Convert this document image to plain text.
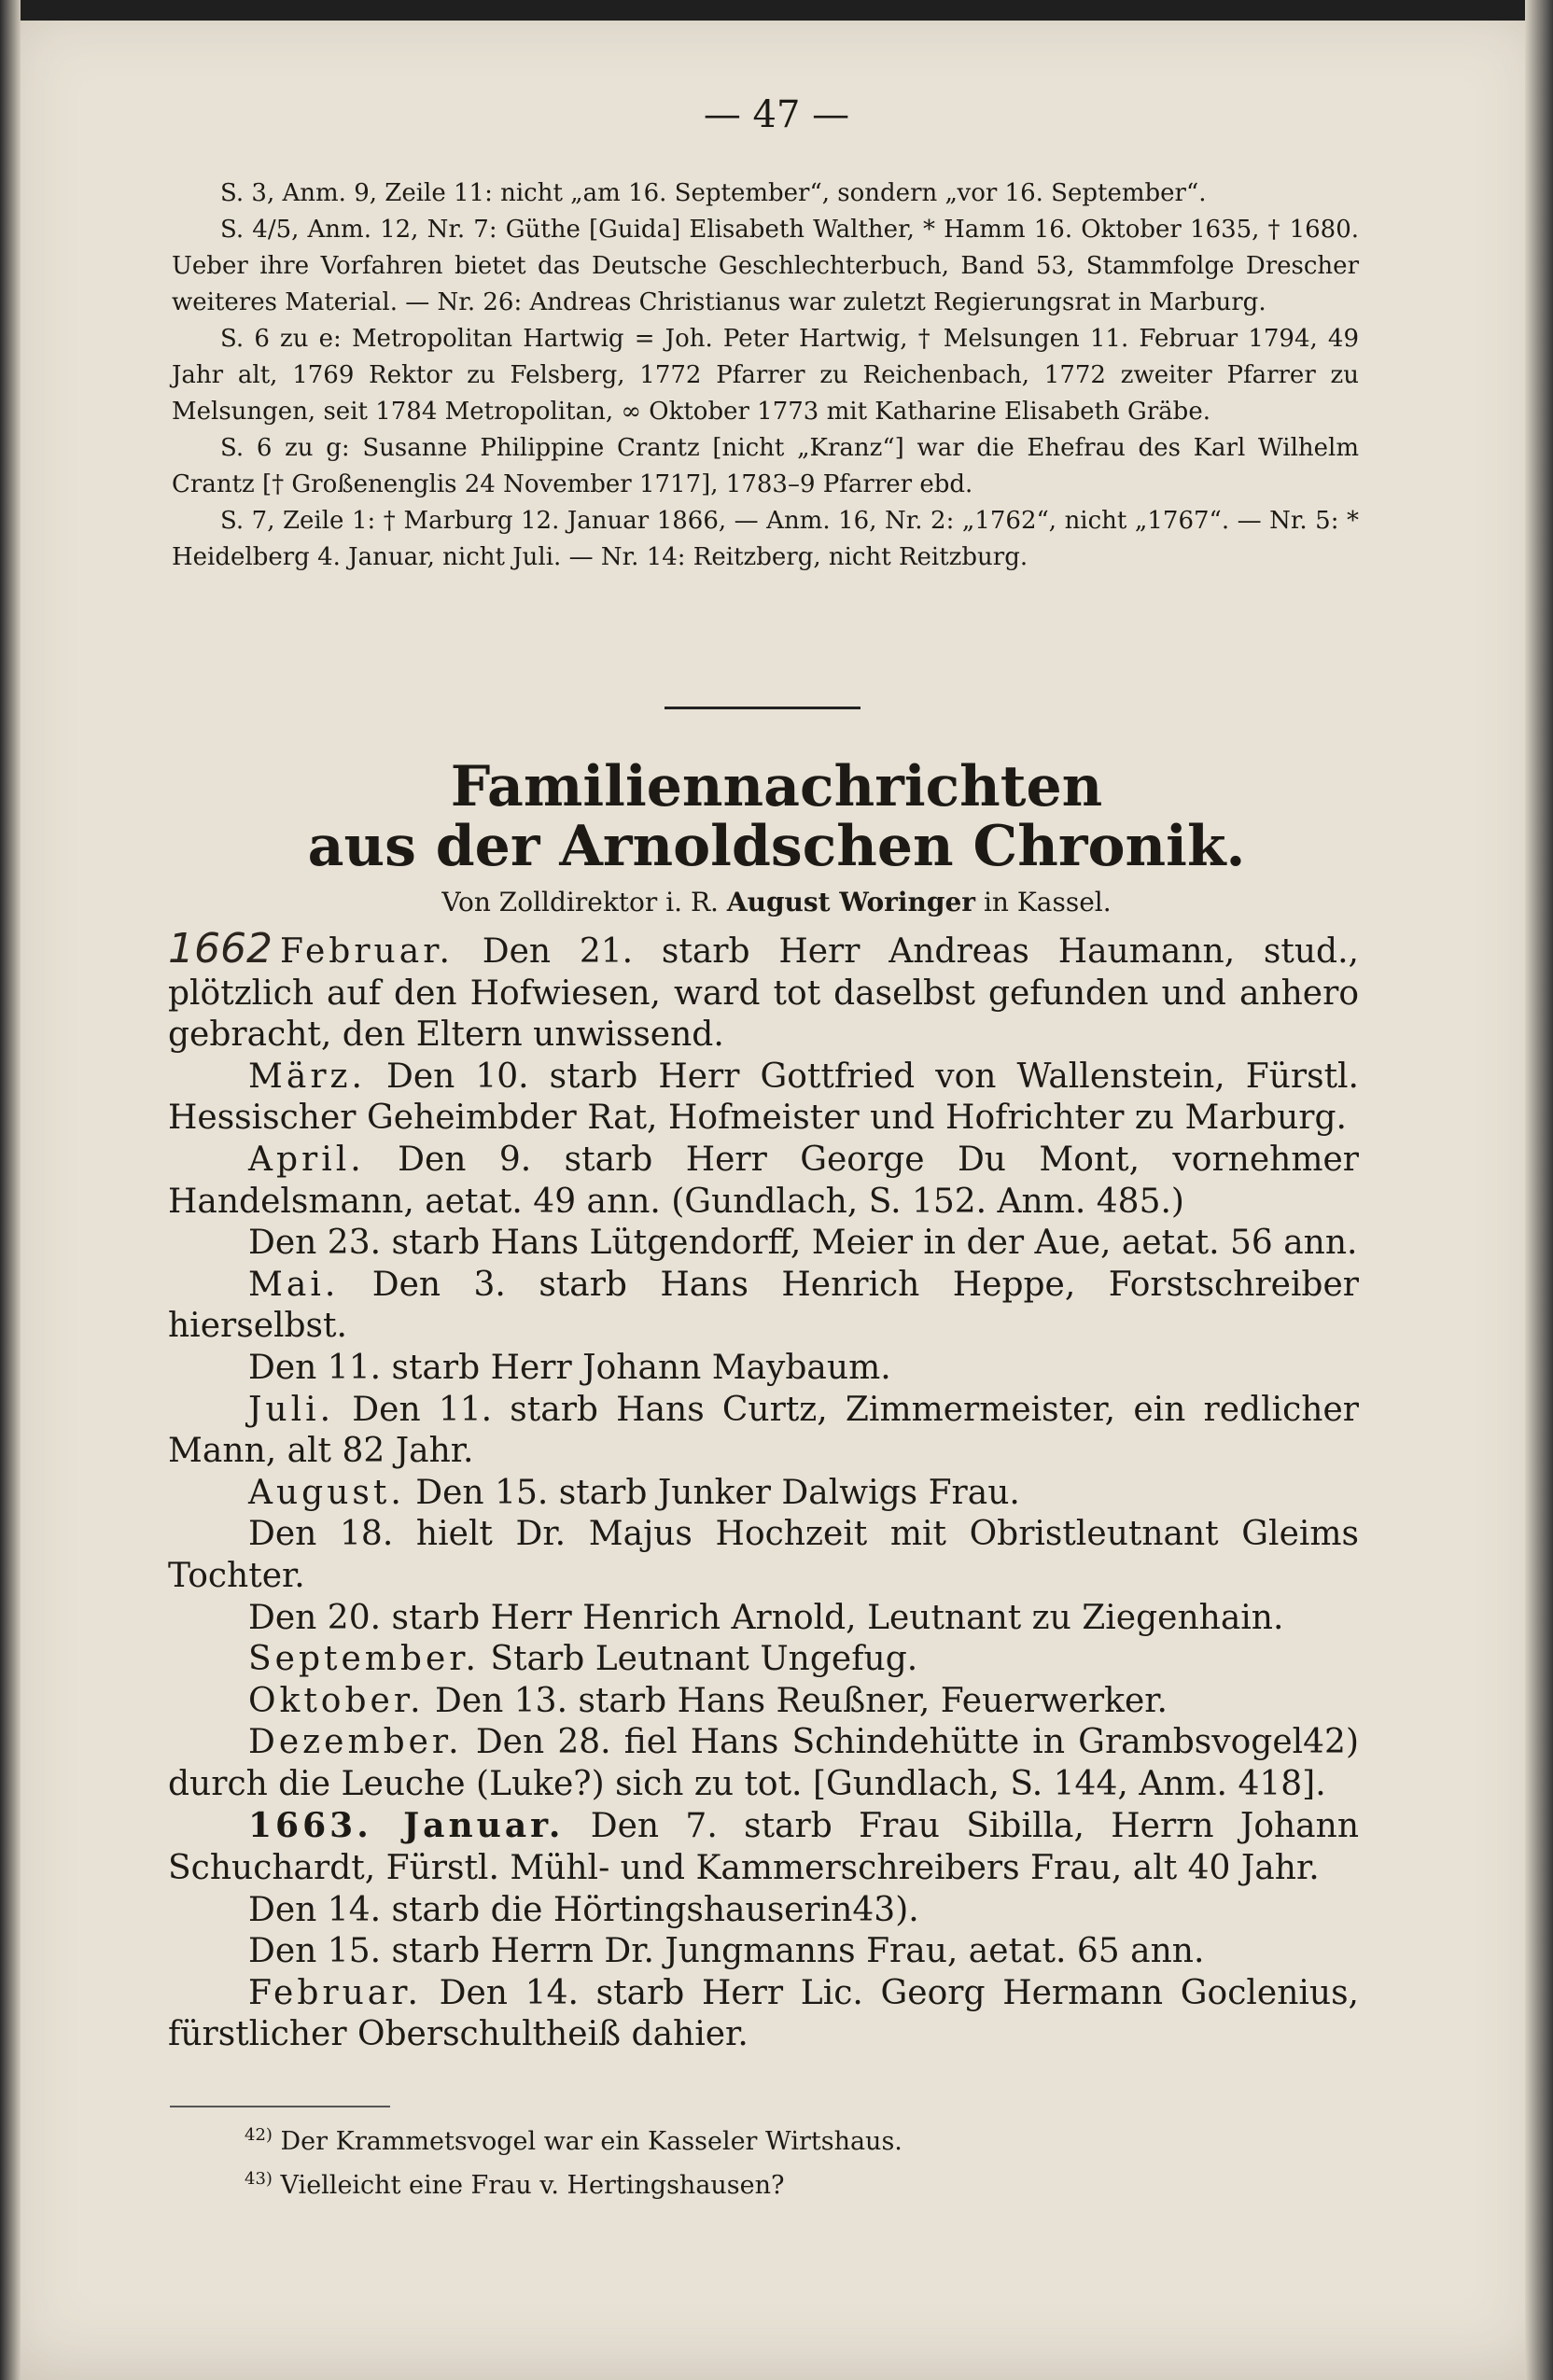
— 47 —

S. 3, Anm. 9, Zeile 11: nicht „am 16. September“, sondern „vor 16. September“.

S. 4/5, Anm. 12, Nr. 7: Güthe [Guida] Elisabeth Walther, * Hamm 16. Oktober 1635, † 1680. Ueber ihre Vorfahren bietet das Deutsche Geschlechterbuch, Band 53, Stammfolge Drescher weiteres Material. — Nr. 26: Andreas Christianus war zuletzt Regierungsrat in Marburg.

S. 6 zu e: Metropolitan Hartwig = Joh. Peter Hartwig, † Melsungen 11. Februar 1794, 49 Jahr alt, 1769 Rektor zu Felsberg, 1772 Pfarrer zu Reichenbach, 1772 zweiter Pfarrer zu Melsungen, seit 1784 Metropolitan, ∞ Oktober 1773 mit Katharine Elisabeth Gräbe.

S. 6 zu g: Susanne Philippine Crantz [nicht „Kranz“] war die Ehefrau des Karl Wilhelm Crantz [† Großenenglis 24 November 1717], 1783–9 Pfarrer ebd.

S. 7, Zeile 1: † Marburg 12. Januar 1866, — Anm. 16, Nr. 2: „1762“, nicht „1767“. — Nr. 5: * Heidelberg 4. Januar, nicht Juli. — Nr. 14: Reitzberg, nicht Reitzburg.

Familiennachrichten
aus der Arnoldschen Chronik.
Von Zolldirektor i. R. August Woringer in Kassel.

1662 Februar. Den 21. starb Herr Andreas Haumann, stud., plötzlich auf den Hofwiesen, ward tot daselbst gefunden und anhero gebracht, den Eltern unwissend.

März. Den 10. starb Herr Gottfried von Wallenstein, Fürstl. Hessischer Geheimbder Rat, Hofmeister und Hofrichter zu Marburg.

April. Den 9. starb Herr George Du Mont, vornehmer Handelsmann, aetat. 49 ann. (Gundlach, S. 152. Anm. 485.)

Den 23. starb Hans Lütgendorff, Meier in der Aue, aetat. 56 ann.

Mai. Den 3. starb Hans Henrich Heppe, Forstschreiber hierselbst.

Den 11. starb Herr Johann Maybaum.

Juli. Den 11. starb Hans Curtz, Zimmermeister, ein redlicher Mann, alt 82 Jahr.

August. Den 15. starb Junker Dalwigs Frau.

Den 18. hielt Dr. Majus Hochzeit mit Obristleutnant Gleims Tochter.

Den 20. starb Herr Henrich Arnold, Leutnant zu Ziegenhain.

September. Starb Leutnant Ungefug.

Oktober. Den 13. starb Hans Reußner, Feuerwerker.

Dezember. Den 28. fiel Hans Schindehütte in Grambsvogel42) durch die Leuche (Luke?) sich zu tot. [Gundlach, S. 144, Anm. 418].

1663. Januar. Den 7. starb Frau Sibilla, Herrn Johann Schuchardt, Fürstl. Mühl- und Kammerschreibers Frau, alt 40 Jahr.

Den 14. starb die Hörtingshauserin43).

Den 15. starb Herrn Dr. Jungmanns Frau, aetat. 65 ann.

Februar. Den 14. starb Herr Lic. Georg Hermann Goclenius, fürstlicher Oberschultheiß dahier.

$^{42)}$ Der Krammetsvogel war ein Kasseler Wirtshaus.

$^{43)}$ Vielleicht eine Frau v. Hertingshausen?
